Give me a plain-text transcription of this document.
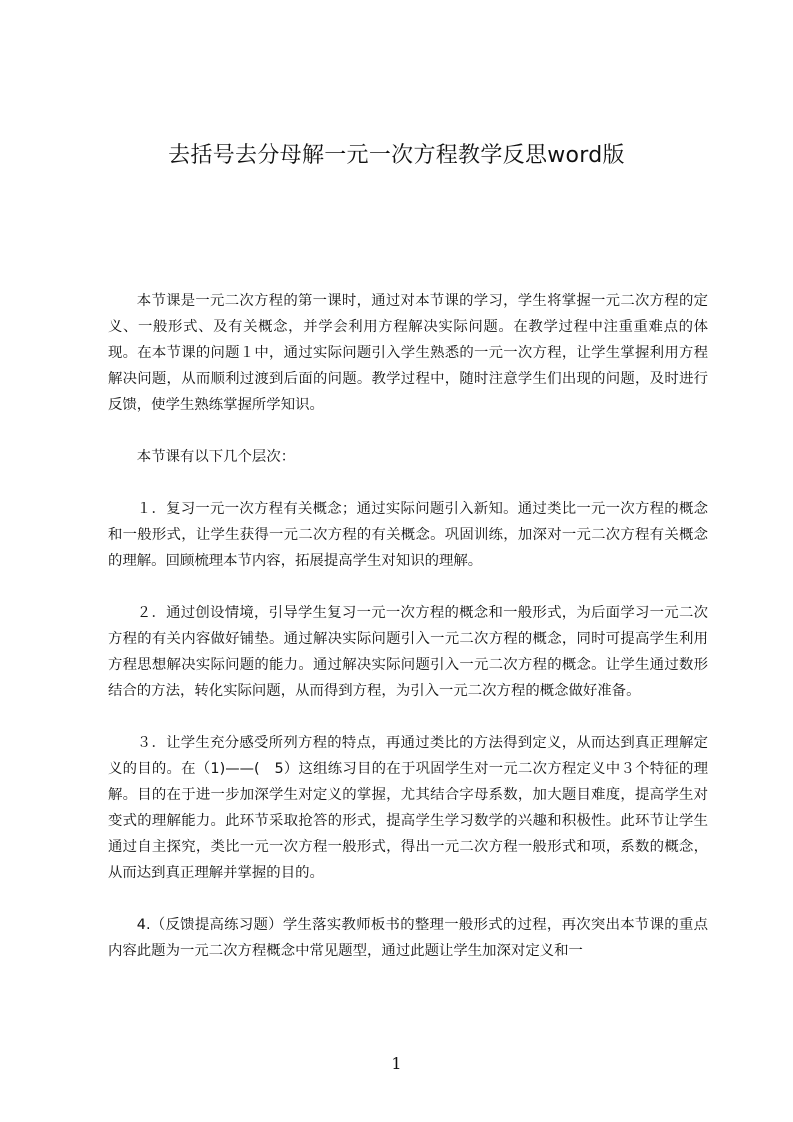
去括号去分母解一元一次方程教学反思word版

本节课是一元二次方程的第一课时，通过对本节课的学习，学生将掌握一元二次方程的定义、一般形式、及有关概念，并学会利用方程解决实际问题。在教学过程中注重重难点的体现。在本节课的问题１中，通过实际问题引入学生熟悉的一元一次方程，让学生掌握利用方程解决问题，从而顺利过渡到后面的问题。教学过程中，随时注意学生们出现的问题，及时进行反馈，使学生熟练掌握所学知识。

本节课有以下几个层次：

１．复习一元一次方程有关概念；通过实际问题引入新知。通过类比一元一次方程的概念和一般形式，让学生获得一元二次方程的有关概念。巩固训练，加深对一元二次方程有关概念的理解。回顾梳理本节内容，拓展提高学生对知识的理解。

２．通过创设情境，引导学生复习一元一次方程的概念和一般形式，为后面学习一元二次方程的有关内容做好铺垫。通过解决实际问题引入一元二次方程的概念，同时可提高学生利用方程思想解决实际问题的能力。通过解决实际问题引入一元二次方程的概念。让学生通过数形结合的方法，转化实际问题，从而得到方程，为引入一元二次方程的概念做好准备。

３．让学生充分感受所列方程的特点，再通过类比的方法得到定义，从而达到真正理解定义的目的。在（1)——(　5）这组练习目的在于巩固学生对一元二次方程定义中３个特征的理解。目的在于进一步加深学生对定义的掌握，尤其结合字母系数，加大题目难度，提高学生对变式的理解能力。此环节采取抢答的形式，提高学生学习数学的兴趣和积极性。此环节让学生通过自主探究，类比一元一次方程一般形式，得出一元二次方程一般形式和项，系数的概念，从而达到真正理解并掌握的目的。

4.（反馈提高练习题）学生落实教师板书的整理一般形式的过程，再次突出本节课的重点内容此题为一元二次方程概念中常见题型，通过此题让学生加深对定义和一

1
